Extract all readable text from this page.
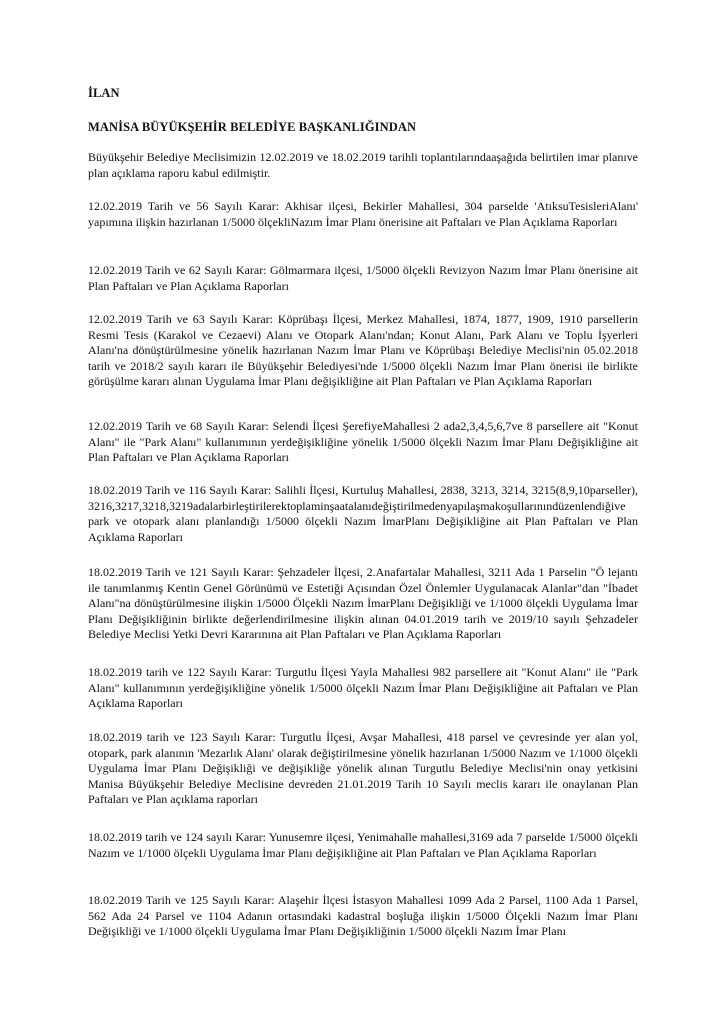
İLAN
MANİSA BÜYÜKŞEHİR BELEDİYE BAŞKANLIĞINDAN

Büyükşehir Belediye Meclisimizin 12.02.2019 ve 18.02.2019 tarihli toplantılarındaaşağıda belirtilen imar planıve plan açıklama raporu kabul edilmiştir.

12.02.2019 Tarih ve 56 Sayılı Karar: Akhisar ilçesi, Bekirler Mahallesi, 304 parselde 'AtıksuTesisleriAlanı' yapımına ilişkin hazırlanan 1/5000 ölçekliNazım İmar Planı önerisine ait Paftaları ve Plan Açıklama Raporları

12.02.2019 Tarih ve 62 Sayılı Karar: Gölmarmara ilçesi, 1/5000 ölçekli Revizyon Nazım İmar Planı önerisine ait Plan Paftaları ve Plan Açıklama Raporları

12.02.2019 Tarih ve 63 Sayılı Karar: Köprübaşı İlçesi, Merkez Mahallesi, 1874, 1877, 1909, 1910 parsellerin Resmi Tesis (Karakol ve Cezaevi) Alanı ve Otopark Alanı'ndan; Konut Alanı, Park Alanı ve Toplu İşyerleri Alanı'na dönüştürülmesine yönelik hazırlanan Nazım İmar Planı ve Köprübaşı Belediye Meclisi'nin 05.02.2018 tarih ve 2018/2 sayılı kararı ile Büyükşehir Belediyesi'nde 1/5000 ölçekli Nazım İmar Planı önerisi ile birlikte görüşülme kararı alınan Uygulama İmar Planı değişikliğine ait Plan Paftaları ve Plan Açıklama Raporları

12.02.2019 Tarih ve 68 Sayılı Karar: Selendi İlçesi ŞerefiyeMahallesi 2 ada2,3,4,5,6,7ve 8 parsellere ait "Konut Alanı" ile "Park Alanı" kullanımının yerdeğişikliğine yönelik 1/5000 ölçekli Nazım İmar Planı Değişikliğine ait Plan Paftaları ve Plan Açıklama Raporları

18.02.2019 Tarih ve 116 Sayılı Karar: Salihli İlçesi, Kurtuluş Mahallesi, 2838, 3213, 3214, 3215(8,9,10parseller), 3216,3217,3218,3219adalarbirleştirilerektoplaminşaatalanıdeğiştirilmedenyapılaşmakoşullarınındüzenlendiğive park ve otopark alanı planlandığı 1/5000 ölçekli Nazım İmarPlanı Değişikliğine ait Plan Paftaları ve Plan Açıklama Raporları

18.02.2019 Tarih ve 121 Sayılı Karar: Şehzadeler İlçesi, 2.Anafartalar Mahallesi, 3211 Ada 1 Parselin "Ö lejantı ile tanımlanmış Kentin Genel Görünümü ve Estetiği Açısından Özel Önlemler Uygulanacak Alanlar"dan "İbadet Alanı"na dönüştürülmesine ilişkin 1/5000 Ölçekli Nazım İmarPlanı Değişikliği ve 1/1000 ölçekli Uygulama İmar Planı Değişikliğinin birlikte değerlendirilmesine ilişkin alınan 04.01.2019 tarih ve 2019/10 sayılı Şehzadeler Belediye Meclisi Yetki Devri Kararınına ait Plan Paftaları ve Plan Açıklama Raporları

18.02.2019 tarih ve 122 Sayılı Karar: Turgutlu İlçesi Yayla Mahallesi 982 parsellere ait "Konut Alanı" ile "Park Alanı" kullanımının yerdeğişikliğine yönelik 1/5000 ölçekli Nazım İmar Planı Değişikliğine ait Paftaları ve Plan Açıklama Raporları

18.02.2019 tarih ve 123 Sayılı Karar: Turgutlu İlçesi, Avşar Mahallesi, 418 parsel ve çevresinde yer alan yol, otopark, park alanının 'Mezarlık Alanı' olarak değiştirilmesine yönelik hazırlanan 1/5000 Nazım ve 1/1000 ölçekli Uygulama İmar Planı Değişikliği ve değişikliğe yönelik alınan Turgutlu Belediye Meclisi'nin onay yetkisini Manisa Büyükşehir Belediye Meclisine devreden 21.01.2019 Tarih 10 Sayılı meclis kararı ile onaylanan Plan Paftaları ve Plan açıklama raporları

18.02.2019 tarih ve 124 sayılı Karar: Yunusemre ilçesi, Yenimahalle mahallesi,3169 ada 7 parselde 1/5000 ölçekli Nazım ve 1/1000 ölçekli Uygulama İmar Planı değişikliğine ait Plan Paftaları ve Plan Açıklama Raporları

18.02.2019 Tarih ve 125 Sayılı Karar: Alaşehir İlçesi İstasyon Mahallesi 1099 Ada 2 Parsel, 1100 Ada 1 Parsel, 562 Ada 24 Parsel ve 1104 Adanın ortasındaki kadastral boşluğa ilişkin 1/5000 Ölçekli Nazım İmar Planı Değişikliği ve 1/1000 ölçekli Uygulama İmar Planı Değişikliğinin 1/5000 ölçekli Nazım İmar Planı
